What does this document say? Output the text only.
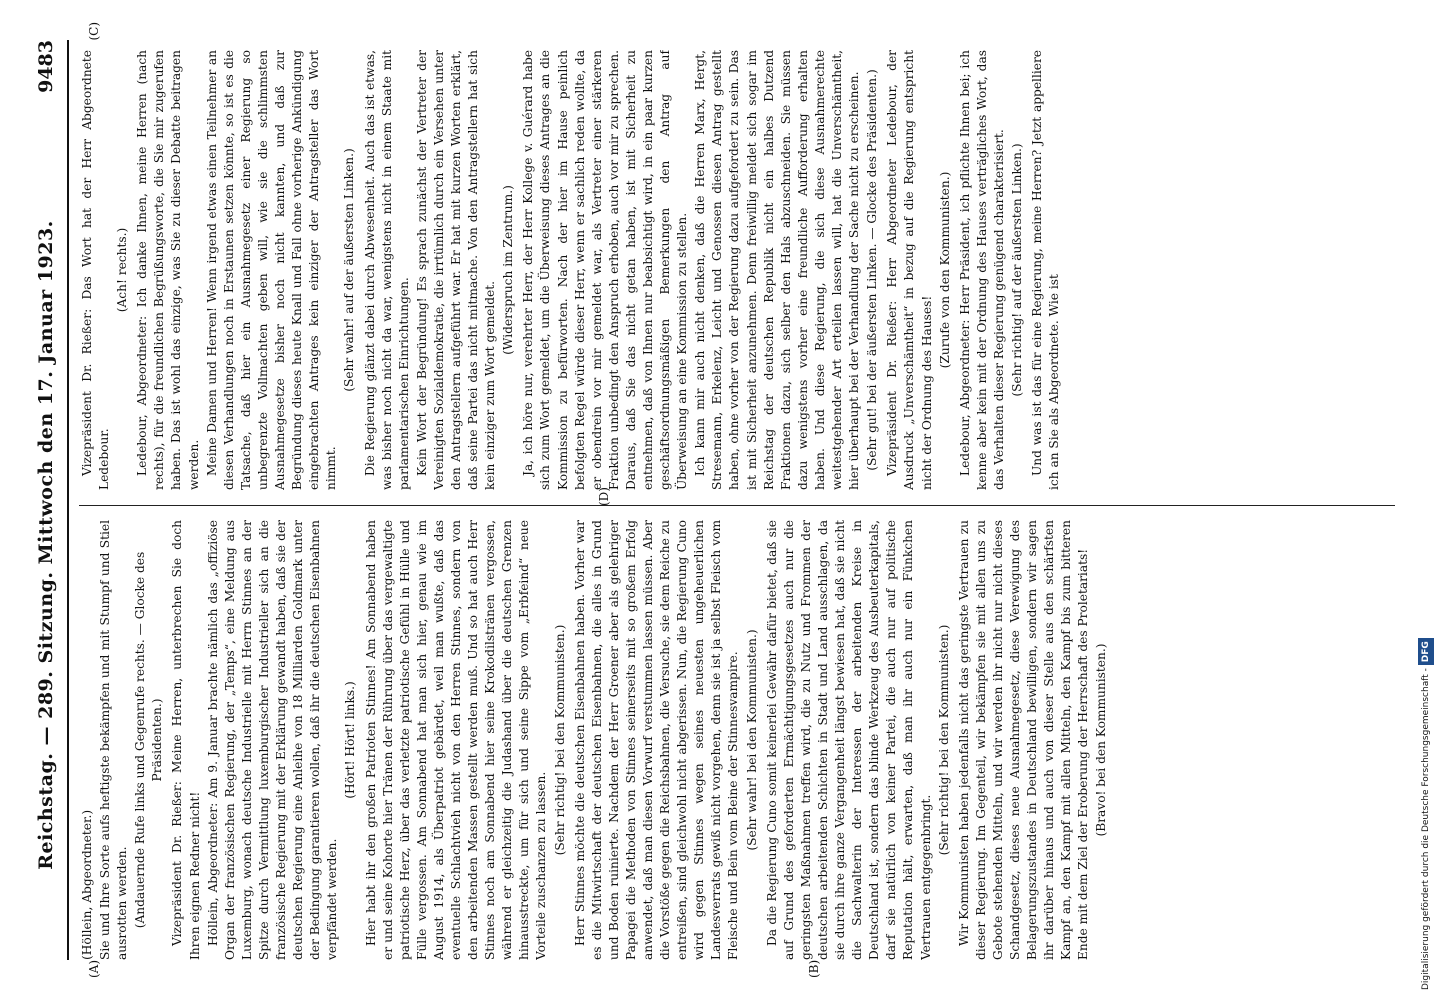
Reichstag. — 289. Sitzung. Mittwoch den 17. Januar 1923.
9483
(A)	(B)
(C)
(D)

(Höllein, Abgeordneter.) Sie und Ihre Sorte aufs heftigste bekämpfen und mit Stumpf und Stiel ausrotten werden. (Andauernde Rufe links und Gegenrufe rechts. — Glocke des Präsidenten.) Vizepräsident Dr. Rießer: Meine Herren, unterbrechen Sie doch Ihren eignen Redner nicht! Höllein, Abgeordneter: Am 9. Januar brachte nämlich das „offiziöse Organ der französischen Regierung, der „Temps“, eine Meldung aus Luxemburg, wonach deutsche Industrielle mit Herrn Stinnes an der Spitze durch Vermittlung luxemburgischer Industrieller sich an die französische Regierung mit der Erklärung gewandt haben, daß sie der deutschen Regierung eine Anleihe von 18 Milliarden Goldmark unter der Bedingung garantieren wollen, daß ihr die deutschen Eisenbahnen verpfändet werden.

(Hört! Hört! links.) Hier habt ihr den großen Patrioten Stinnes! Am Sonnabend haben er und seine Kohorte hier Tränen der Rührung über das vergewaltigte patriotische Herz, über das verletzte patriotische Gefühl in Hülle und Fülle vergossen. Am Sonnabend hat man sich hier, genau wie im August 1914, als Überpatriot gebärdet, weil man wußte, daß das eventuelle Schlachtvieh nicht von den Herren Stinnes, sondern von den arbeitenden Massen gestellt werden muß. Und so hat auch Herr Stinnes noch am Sonnabend hier seine Krokodilstränen vergossen, während er gleichzeitig die Judashand über die deutschen Grenzen hinausstreckte, um für sich und seine Sippe vom „Erbfeind“ neue Vorteile zuschanzen zu lassen.

(Sehr richtig! bei den Kommunisten.) Herr Stinnes möchte die deutschen Eisenbahnen haben. Vorher war es die Mitwirtschaft der deutschen Eisenbahnen, die alles in Grund und Boden ruinierte. Nachdem der Herr Groener aber als gelehriger Papagei die Methoden von Stinnes seinerseits mit so großem Erfolg anwendet, daß man diesen Vorwurf verstummen lassen müssen. Aber die Vorstöße gegen die Reichsbahnen, die Versuche, sie dem Reiche zu entreißen, sind gleichwohl nicht abgerissen. Nun, die Regierung Cuno wird gegen Stinnes wegen seines neuesten ungeheuerlichen Landesverrats gewiß nicht vorgehen, denn sie ist ja selbst Fleisch vom Fleische und Bein vom Beine der Stinnesvampire. (Sehr wahr! bei den Kommunisten.) Da die Regierung Cuno somit keinerlei Gewähr dafür bietet, daß sie auf Grund des geforderten Ermächtigungsgesetzes auch nur die geringsten Maßnahmen treffen wird, die zu Nutz und Frommen der deutschen arbeitenden Schichten in Stadt und Land ausschlagen, da sie durch ihre ganze Vergangenheit längst bewiesen hat, daß sie nicht die Sachwalterin der Interessen der arbeitenden Kreise in Deutschland ist, sondern das blinde Werkzeug des Ausbeuterkapitals, darf sie natürlich von keiner Partei, die auch nur auf politische Reputation hält, erwarten, daß man ihr auch nur ein Fünkchen Vertrauen entgegenbringt.

(Sehr richtig! bei den Kommunisten.) Wir Kommunisten haben jedenfalls nicht das geringste Vertrauen zu dieser Regierung. Im Gegenteil, wir bekämpfen sie mit allen uns zu Gebote stehenden Mitteln, und wir werden ihr nicht nur nicht dieses Schandgesetz, dieses neue Ausnahmegesetz, diese Verewigung des Belagerungszustandes in Deutschland bewilligen, sondern wir sagen ihr darüber hinaus und auch von dieser Stelle aus den schärfsten Kampf an, den Kampf mit allen Mitteln, den Kampf bis zum bitteren Ende mit dem Ziel der Eroberung der Herrschaft des Proletariats! (Bravo! bei den Kommunisten.)

Vizepräsident Dr. Rießer: Das Wort hat der Herr Abgeordnete Ledebour.

(Ach! rechts.) Ledebour, Abgeordneter: Ich danke Ihnen, meine Herren (nach rechts), für die freundlichen Begrüßungsworte, die Sie mir zugerufen haben. Das ist wohl das einzige, was Sie zu dieser Debatte beitragen werden. Meine Damen und Herren! Wenn irgend etwas einen Teilnehmer an diesen Verhandlungen noch in Erstaunen setzen könnte, so ist es die Tatsache, daß hier ein Ausnahmegesetz einer Regierung so unbegrenzte Vollmachten geben will, wie sie die schlimmsten Ausnahmegesetze bisher noch nicht kannten, und daß zur Begründung dieses heute Knall und Fall ohne vorherige Ankündigung eingebrachten Antrages kein einziger der Antragsteller das Wort nimmt.

(Sehr wahr! auf der äußersten Linken.) Die Regierung glänzt dabei durch Abwesenheit. Auch das ist etwas, was bisher noch nicht da war, wenigstens nicht in einem Staate mit parlamentarischen Einrichtungen. Kein Wort der Begründung! Es sprach zunächst der Vertreter der Vereinigten Sozialdemokratie, die irrtümlich durch ein Versehen unter den Antragstellern aufgeführt war. Er hat mit kurzen Worten erklärt, daß seine Partei das nicht mitmache. Von den Antragstellern hat sich kein einziger zum Wort gemeldet.

(Widerspruch im Zentrum.) Ja, ich höre nur, verehrter Herr, der Herr Kollege v. Guérard habe sich zum Wort gemeldet, um die Überweisung dieses Antrages an die Kommission zu befürworten. Nach der hier im Hause peinlich befolgten Regel würde dieser Herr, wenn er sachlich reden wollte, da er obendrein vor mir gemeldet war, als Vertreter einer stärkeren Fraktion unbedingt den Anspruch erhoben, auch vor mir zu sprechen. Daraus, daß Sie das nicht getan haben, ist mit Sicherheit zu entnehmen, daß von Ihnen nur beabsichtigt wird, in ein paar kurzen geschäftsordnungsmäßigen Bemerkungen den Antrag auf Überweisung an eine Kommission zu stellen. Ich kann mir auch nicht denken, daß die Herren Marx, Hergt, Stresemann, Erkelenz, Leicht und Genossen diesen Antrag gestellt haben, ohne vorher von der Regierung dazu aufgefordert zu sein. Das ist mit Sicherheit anzunehmen. Denn freiwillig meldet sich sogar im Reichstag der deutschen Republik nicht ein halbes Dutzend Fraktionen dazu, sich selber den Hals abzuschneiden. Sie müssen dazu wenigstens vorher eine freundliche Aufforderung erhalten haben. Und diese Regierung, die sich diese Ausnahmerechte weitestgehender Art erteilen lassen will, hat die Unverschämtheit, hier überhaupt bei der Verhandlung der Sache nicht zu erscheinen. (Sehr gut! bei der äußersten Linken. — Glocke des Präsidenten.) Vizepräsident Dr. Rießer: Herr Abgeordneter Ledebour, der Ausdruck „Unverschämtheit“ in bezug auf die Regierung entspricht nicht der Ordnung des Hauses!

(Zurufe von den Kommunisten.) Ledebour, Abgeordneter: Herr Präsident, ich pflichte Ihnen bei; ich kenne aber kein mit der Ordnung des Hauses verträgliches Wort, das das Verhalten dieser Regierung genügend charakterisiert. (Sehr richtig! auf der äußersten Linken.) Und was ist das für eine Regierung, meine Herren? Jetzt appelliere ich an Sie als Abgeordnete. Wie ist

Digitalisierung gefördert durch die Deutsche Forschungsgemeinschaft - DFG
